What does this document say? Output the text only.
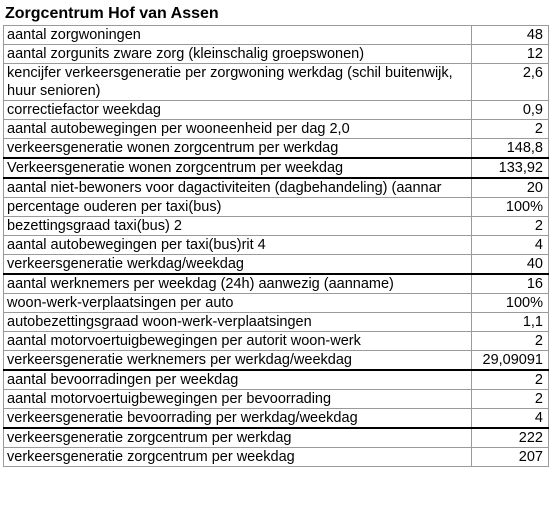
Zorgcentrum Hof van Assen
aantal zorgwoningen	48
aantal zorgunits zware zorg (kleinschalig groepswonen)	12
kencijfer verkeersgeneratie per zorgwoning werkdag (schil buitenwijk, huur senioren)	2,6
correctiefactor weekdag	0,9
aantal autobewegingen per wooneenheid per dag 2,0	2
verkeersgeneratie wonen zorgcentrum per werkdag	148,8
Verkeersgeneratie wonen zorgcentrum per weekdag	133,92
aantal niet-bewoners voor dagactiviteiten (dagbehandeling) (aannar	20
percentage ouderen per taxi(bus)	100%
bezettingsgraad taxi(bus) 2	2
aantal autobewegingen per taxi(bus)rit 4	4
verkeersgeneratie werkdag/weekdag	40
aantal werknemers per weekdag (24h) aanwezig (aanname)	16
woon-werk-verplaatsingen per auto	100%
autobezettingsgraad woon-werk-verplaatsingen	1,1
aantal motorvoertuigbewegingen per autorit woon-werk	2
verkeersgeneratie werknemers per werkdag/weekdag	29,09091
aantal bevoorradingen per weekdag	2
aantal motorvoertuigbewegingen per bevoorrading	2
verkeersgeneratie bevoorrading per werkdag/weekdag	4
verkeersgeneratie zorgcentrum per werkdag	222
verkeersgeneratie zorgcentrum per weekdag	207
